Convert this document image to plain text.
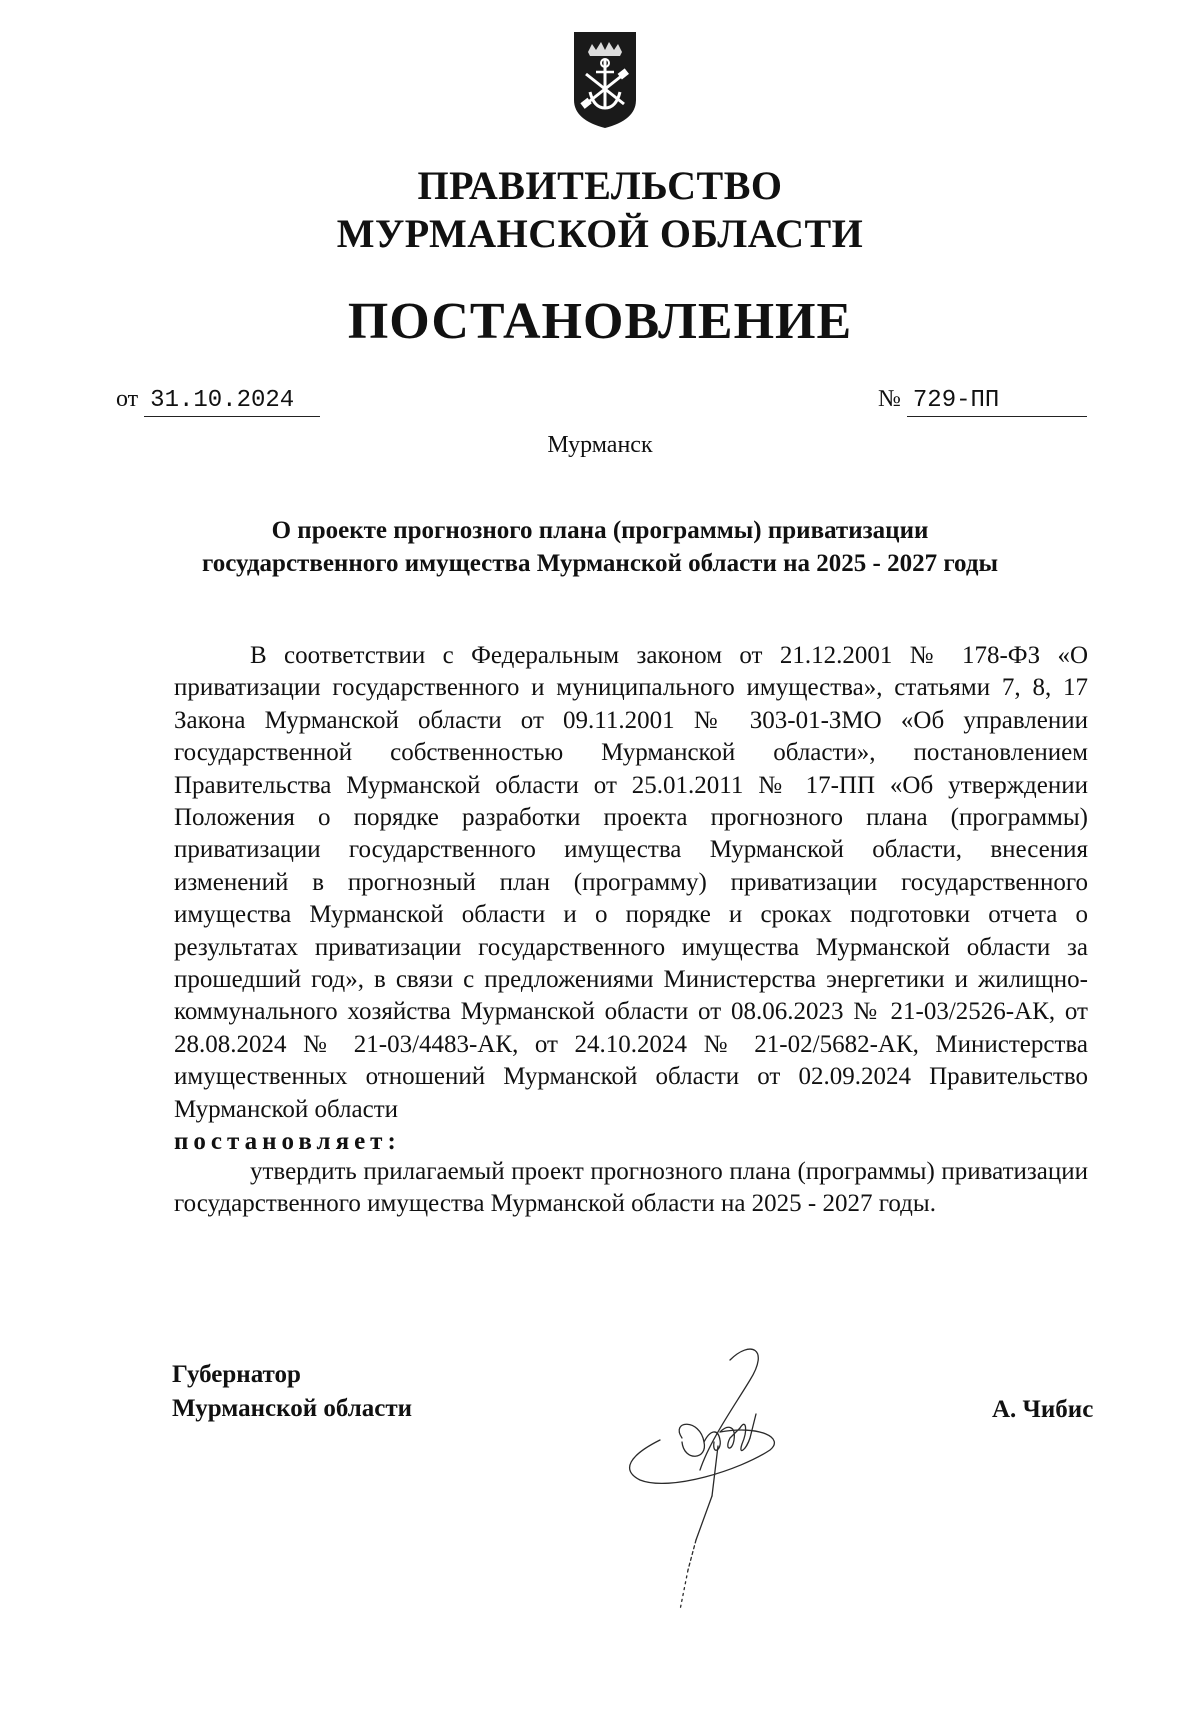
ПРАВИТЕЛЬСТВО
МУРМАНСКОЙ ОБЛАСТИ
ПОСТАНОВЛЕНИЕ
от 31.10.2024	№ 729-ПП
Мурманск
О проекте прогнозного плана (программы) приватизации
государственного имущества Мурманской области на 2025 - 2027 годы

В соответствии с Федеральным законом от 21.12.2001 № 178-ФЗ «О приватизации государственного и муниципального имущества», статьями 7, 8, 17 Закона Мурманской области от 09.11.2001 № 303-01-ЗМО «Об управлении государственной собственностью Мурманской области», постановлением Правительства Мурманской области от 25.01.2011 № 17-ПП «Об утверждении Положения о порядке разработки проекта прогнозного плана (программы) приватизации государственного имущества Мурманской области, внесения изменений в прогнозный план (программу) приватизации государственного имущества Мурманской области и о порядке и сроках подготовки отчета о результатах приватизации государственного имущества Мурманской области за прошедший год», в связи с предложениями Министерства энергетики и жилищно-коммунального хозяйства Мурманской области от 08.06.2023 № 21-03/2526-АК, от 28.08.2024 № 21-03/4483-АК, от 24.10.2024 № 21-02/5682-АК, Министерства имущественных отношений Мурманской области от 02.09.2024 Правительство Мурманской области

постановляет:

утвердить прилагаемый проект прогнозного плана (программы) приватизации государственного имущества Мурманской области на 2025 - 2027 годы.

Губернатор
Мурманской области	А. Чибис
